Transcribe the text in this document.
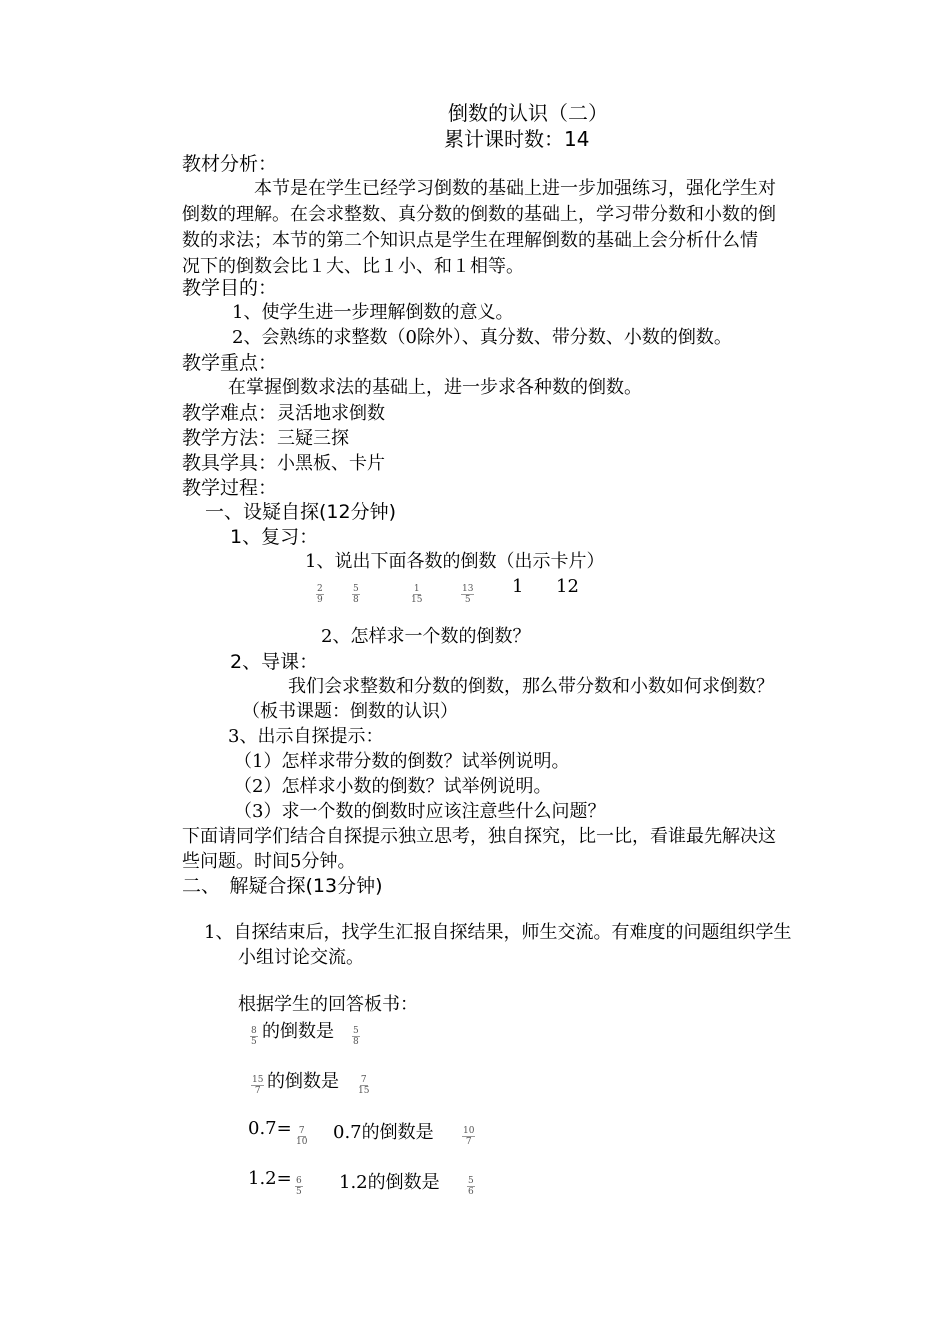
倒数的认识（二）
累计课时数：14
教材分析：
本节是在学生已经学习倒数的基础上进一步加强练习，强化学生对
倒数的理解。在会求整数、真分数的倒数的基础上，学习带分数和小数的倒
数的求法；本节的第二个知识点是学生在理解倒数的基础上会分析什么情
况下的倒数会比１大、比１小、和１相等。
教学目的：
1、使学生进一步理解倒数的意义。
2、会熟练的求整数（0除外）、真分数、带分数、小数的倒数。
教学重点：
在掌握倒数求法的基础上，进一步求各种数的倒数。
教学难点：灵活地求倒数
教学方法：三疑三探
教具学具：小黑板、卡片
教学过程：
一、设疑自探(12分钟)
1、复习：
1、说出下面各数的倒数（出示卡片）
$\frac{2}{9}$	$\frac{5}{8}$	$\frac{1}{15}$	$\frac{13}{5} 1$ 12
2、怎样求一个数的倒数？
2、导课：
我们会求整数和分数的倒数，那么带分数和小数如何求倒数？
（板书课题：倒数的认识）
3、出示自探提示：
（1）怎样求带分数的倒数？试举例说明。
（2）怎样求小数的倒数？试举例说明。
（3）求一个数的倒数时应该注意些什么问题？
下面请同学们结合自探提示独立思考，独自探究，比一比，看谁最先解决这
些问题。时间5分钟。
二、　解疑合探(13分钟)
1、自探结束后，找学生汇报自探结果，师生交流。有难度的问题组织学生
小组讨论交流。
根据学生的回答板书：
$\frac{8}{5}$ 的倒数是 $\frac{5}{8}$
$\frac{15}{7}$ 的倒数是 $\frac{7}{15}$
$0.7= \frac{7}{10} 0.7$的倒数是	$\frac{10}{7}$
$1.2= \frac{6}{5} 1.2$的倒数是	$\frac{5}{6}$
